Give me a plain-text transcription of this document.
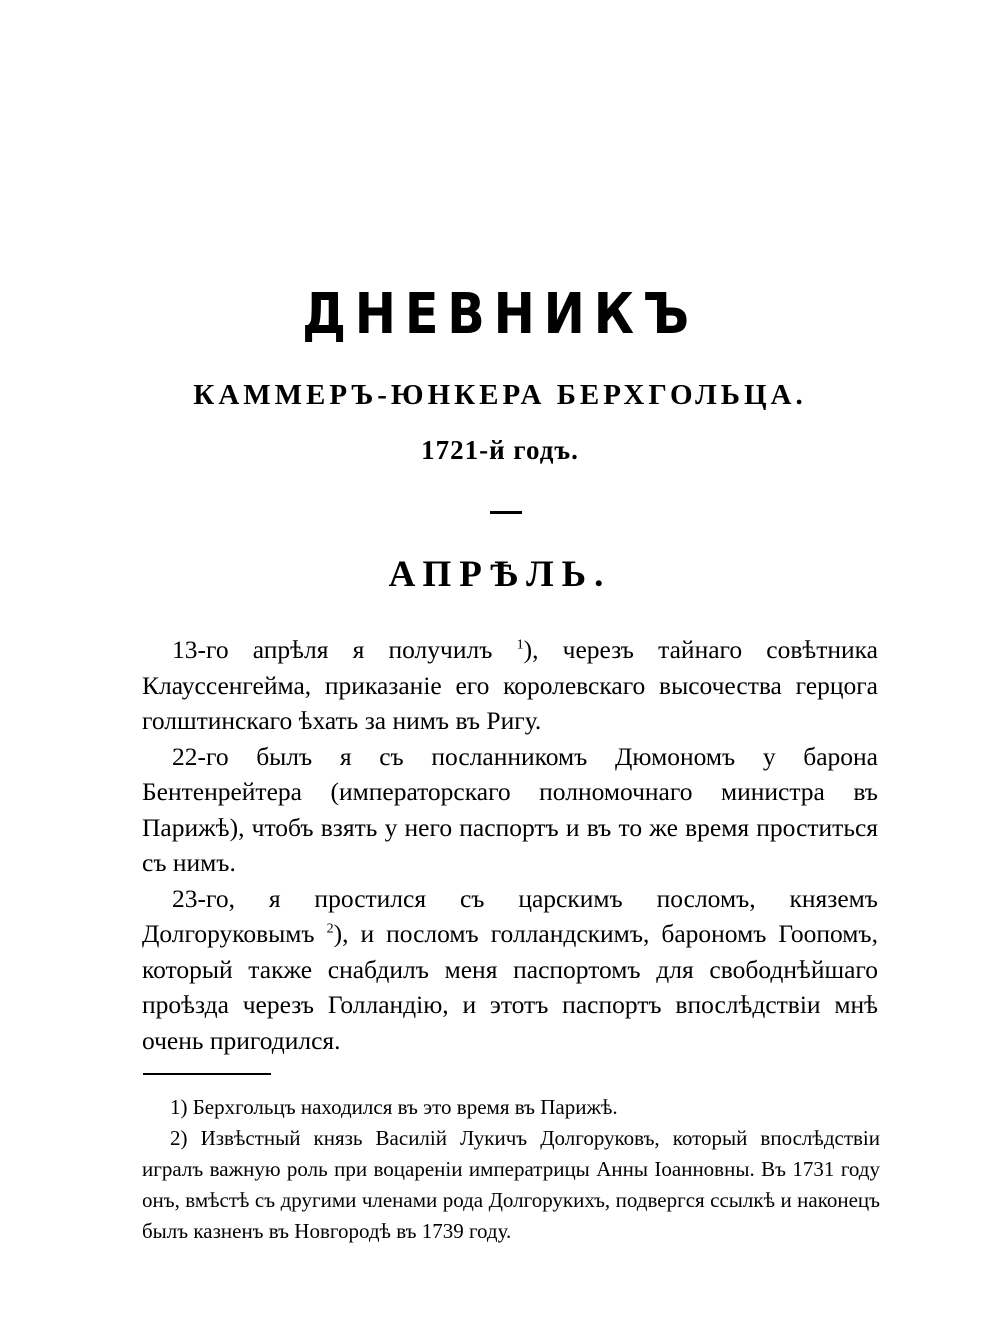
ДНЕВНИКЪ
КАММЕРЪ-ЮНКЕРА БЕРХГОЛЬЦА.
1721-й годъ.
АПРѢЛЬ.

13-го апрѣля я получилъ $^1$), черезъ тайнаго совѣтника Клауссенгейма, приказаніе его королевскаго высочества герцога голштинскаго ѣхать за нимъ въ Ригу.

22-го былъ я съ посланникомъ Дюмономъ у барона Бентенрейтера (императорскаго полномочнаго министра въ Парижѣ), чтобъ взять у него паспортъ и въ то же время проститься съ нимъ.

23-го, я простился съ царскимъ посломъ, княземъ Долгоруковымъ $^2$), и посломъ голландскимъ, барономъ Гоопомъ, который также снабдилъ меня паспортомъ для свободнѣйшаго проѣзда черезъ Голландію, и этотъ паспортъ впослѣдствіи мнѣ очень пригодился.

1) Берхгольцъ находился въ это время въ Парижѣ.

2) Извѣстный князь Василій Лукичъ Долгоруковъ, который впослѣдствіи игралъ важную роль при воцареніи императрицы Анны Іоанновны. Въ 1731 году онъ, вмѣстѣ съ другими членами рода Долгорукихъ, подвергся ссылкѣ и наконецъ былъ казненъ въ Новгородѣ въ 1739 году.
